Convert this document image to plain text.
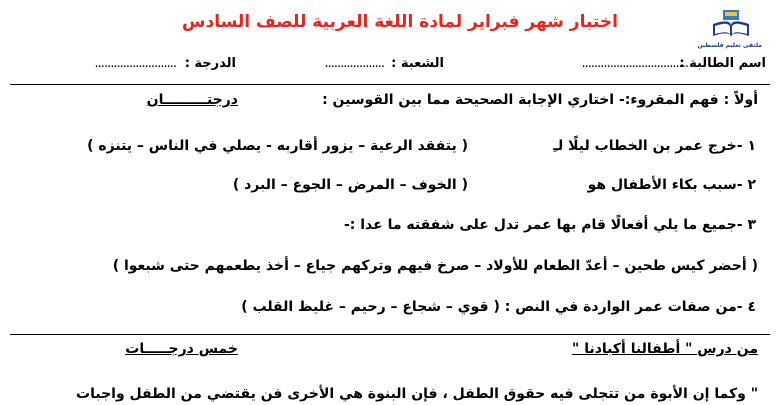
ملتقى تعليم فلسطين
اختبار شهر فبراير لمادة اللغة العربية للصف السادس
اسم الطالبة :
..................................
الشعبة :
...................
الدرجة :
..........................
أولاً : فهم المقروء:- اختاري الإجابة الصحيحة مما بين القوسين :
درجتـــــــــان
١ -خرج عمر بن الخطاب ليلًا لـِ
( يتفقد الرعية – يزور أقاربه - يصلي في الناس – يتنزه )
٢ -سبب بكاء الأطفال هو
( الخوف – المرض – الجوع – البرد )
٣ -جميع ما يلي أفعالًا قام بها عمر تدل على شفقته ما عدا :-
( أحضر كيس طحين – أعدّ الطعام للأولاد – صرخ فيهم وتركهم جياع – أخذ يطعمهم حتى شبعوا )
٤ -من صفات عمر الواردة في النص : ( قوي – شجاع – رحيم – غليظ القلب )
من درس " أطفالنا أكبادنا "
خمس درجـــــات
" وكما إن الأبوة من تتجلى فيه حقوق الطفل ، فإن البنوة هي الأخرى فن يقتضي من الطفل واجبات
